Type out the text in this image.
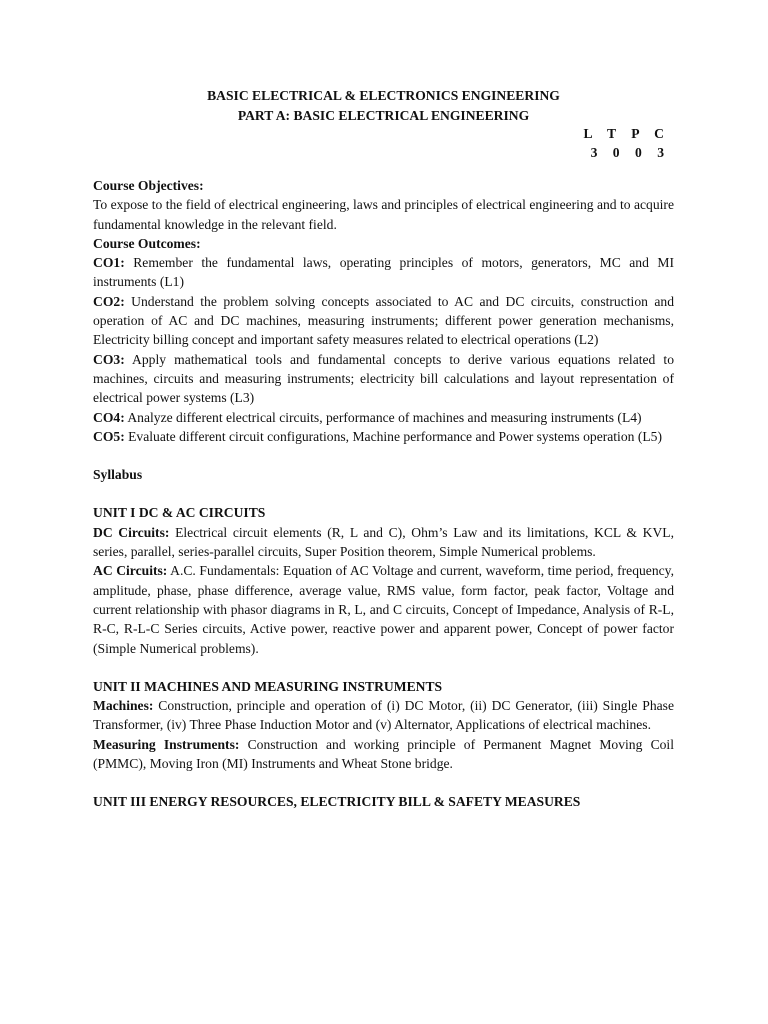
BASIC ELECTRICAL & ELECTRONICS ENGINEERING
PART A: BASIC ELECTRICAL ENGINEERING
L T P C
3 0 0 3

Course Objectives:

To expose to the field of electrical engineering, laws and principles of electrical engineering and to acquire fundamental knowledge in the relevant field.

Course Outcomes:

CO1: Remember the fundamental laws, operating principles of motors, generators, MC and MI instruments (L1)

CO2: Understand the problem solving concepts associated to AC and DC circuits, construction and operation of AC and DC machines, measuring instruments; different power generation mechanisms, Electricity billing concept and important safety measures related to electrical operations (L2)

CO3: Apply mathematical tools and fundamental concepts to derive various equations related to machines, circuits and measuring instruments; electricity bill calculations and layout representation of electrical power systems (L3)

CO4: Analyze different electrical circuits, performance of machines and measuring instruments (L4)

CO5: Evaluate different circuit configurations, Machine performance and Power systems operation (L5)

Syllabus

UNIT I DC & AC CIRCUITS

DC Circuits: Electrical circuit elements (R, L and C), Ohm’s Law and its limitations, KCL & KVL, series, parallel, series-parallel circuits, Super Position theorem, Simple Numerical problems.

AC Circuits: A.C. Fundamentals: Equation of AC Voltage and current, waveform, time period, frequency, amplitude, phase, phase difference, average value, RMS value, form factor, peak factor, Voltage and current relationship with phasor diagrams in R, L, and C circuits, Concept of Impedance, Analysis of R-L, R-C, R-L-C Series circuits, Active power, reactive power and apparent power, Concept of power factor (Simple Numerical problems).

UNIT II MACHINES AND MEASURING INSTRUMENTS

Machines: Construction, principle and operation of (i) DC Motor, (ii) DC Generator, (iii) Single Phase Transformer, (iv) Three Phase Induction Motor and (v) Alternator, Applications of electrical machines.

Measuring Instruments: Construction and working principle of Permanent Magnet Moving Coil (PMMC), Moving Iron (MI) Instruments and Wheat Stone bridge.

UNIT III ENERGY RESOURCES, ELECTRICITY BILL & SAFETY MEASURES
